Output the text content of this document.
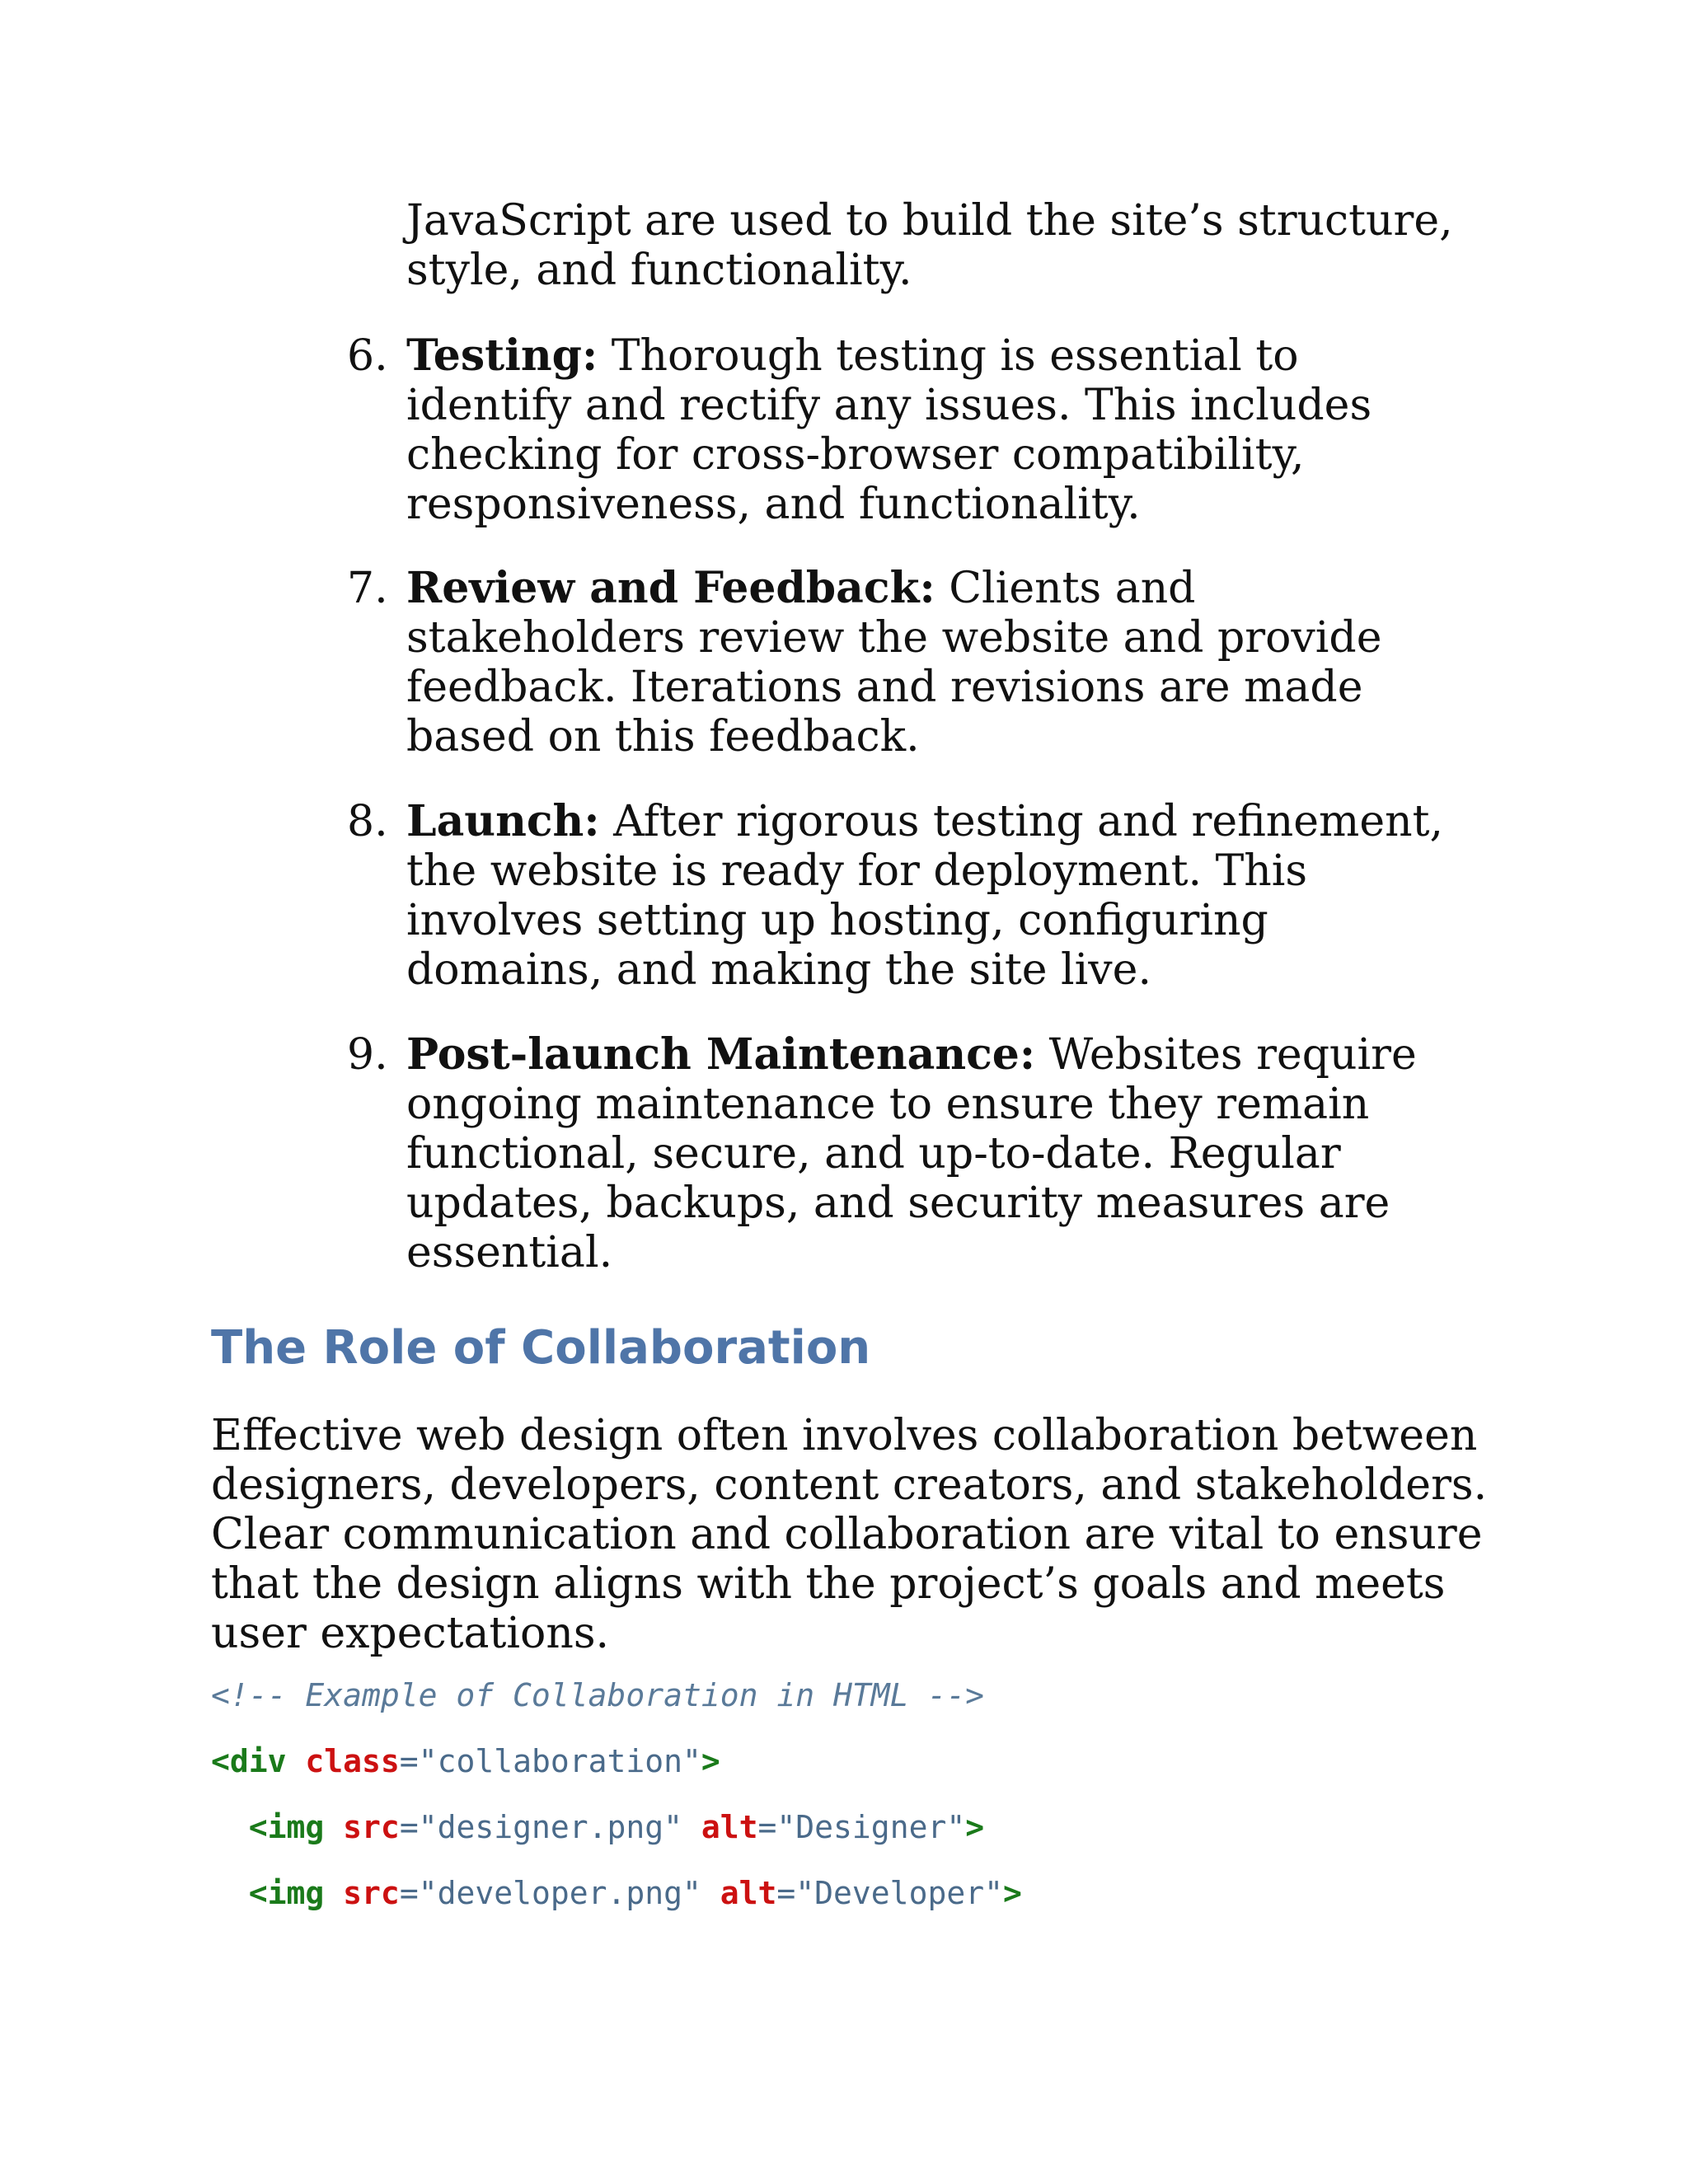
JavaScript are used to build the site’s structure, style, and functionality.

6. Testing: Thorough testing is essential to identify and rectify any issues. This includes checking for cross-browser compatibility, responsiveness, and functionality.
7. Review and Feedback: Clients and stakeholders review the website and provide feedback. Iterations and revisions are made based on this feedback.
8. Launch: After rigorous testing and refinement, the website is ready for deployment. This involves setting up hosting, configuring domains, and making the site live.
9. Post-launch Maintenance: Websites require ongoing maintenance to ensure they remain functional, secure, and up-to-date. Regular updates, backups, and security measures are essential.
The Role of Collaboration

Effective web design often involves collaboration between designers, developers, content creators, and stakeholders. Clear communication and collaboration are vital to ensure that the design aligns with the project’s goals and meets user expectations.

<!-- Example of Collaboration in HTML -->
<div class="collaboration">
<img src="designer.png" alt="Designer">
<img src="developer.png" alt="Developer">
